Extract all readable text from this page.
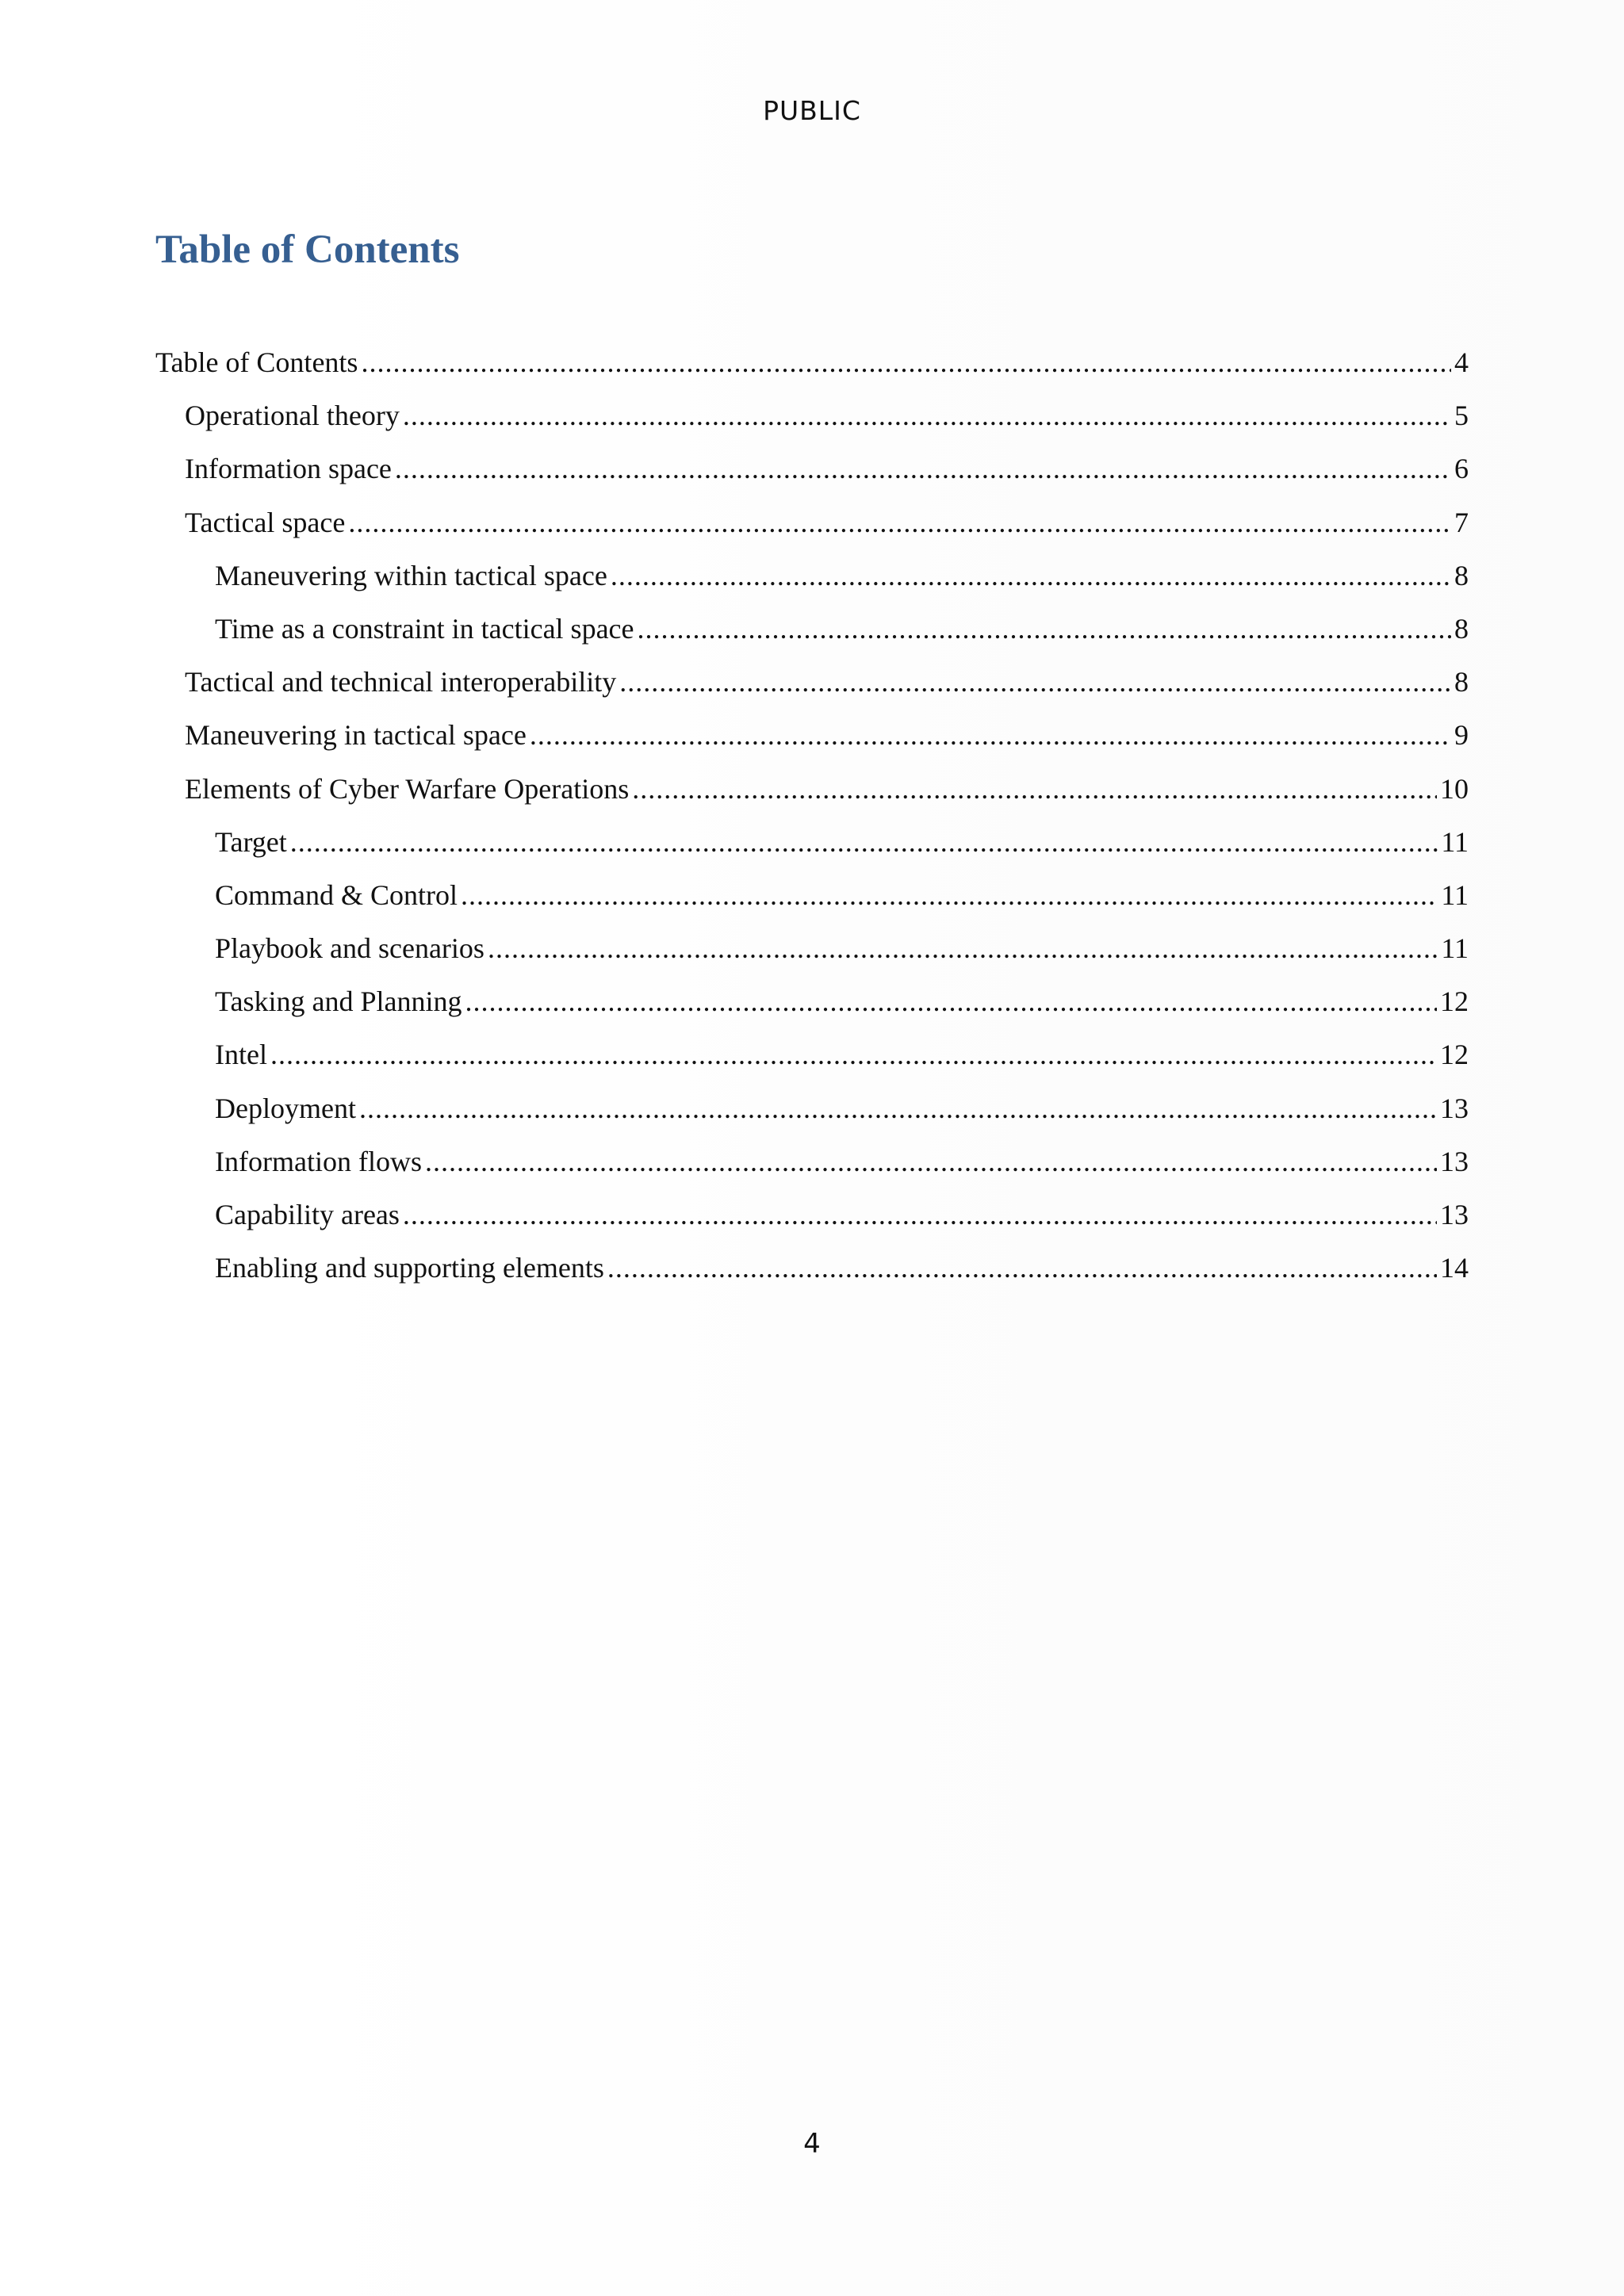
PUBLIC
Table of Contents
Table of Contents .....	4
Operational theory .....	5
Information space .....	6
Tactical space .....	7
Maneuvering within tactical space .....	8
Time as a constraint in tactical space .....	8
Tactical and technical interoperability .....	8
Maneuvering in tactical space .....	9
Elements of Cyber Warfare Operations .....	10
Target .....	11
Command & Control .....	11
Playbook and scenarios .....	11
Tasking and Planning .....	12
Intel .....	12
Deployment .....	13
Information flows .....	13
Capability areas .....	13
Enabling and supporting elements .....	14
4
